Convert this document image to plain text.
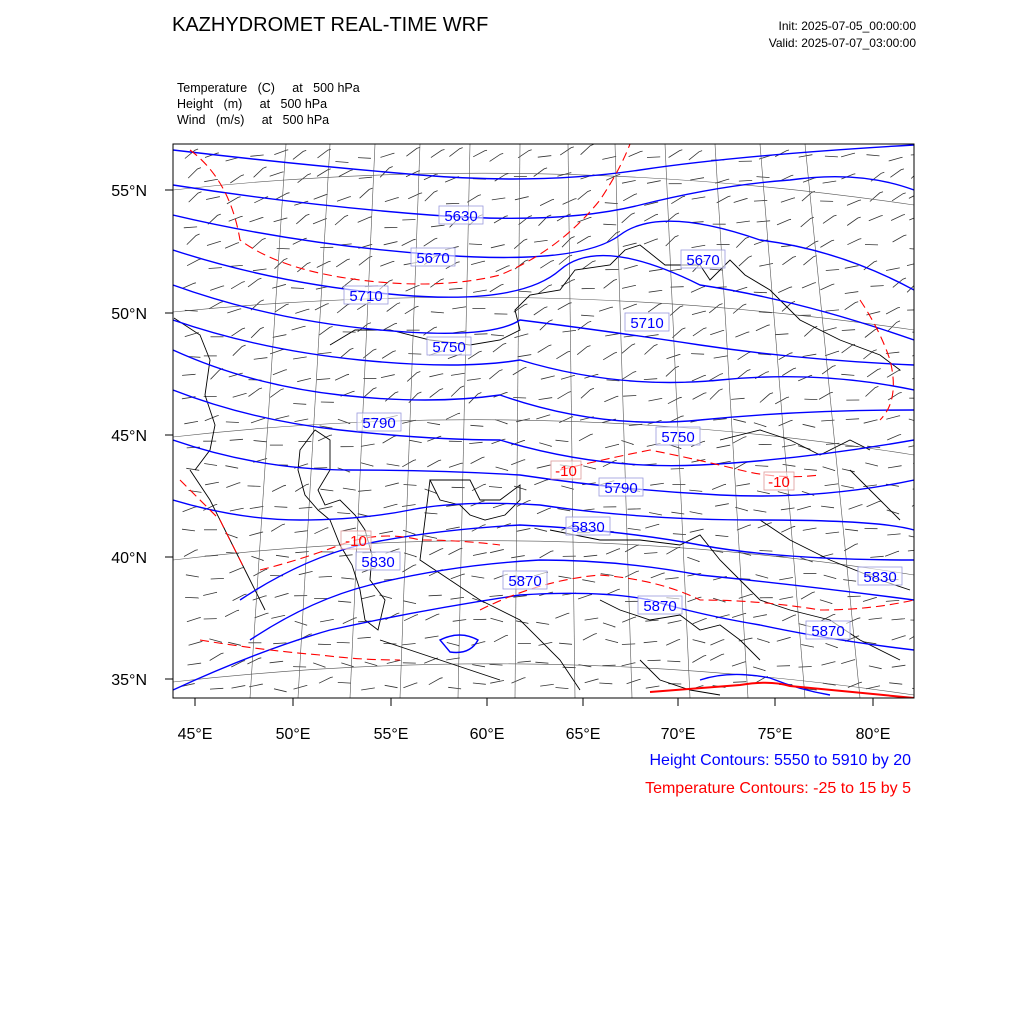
KAZHYDROMET REAL-TIME WRF	Init: 2025-07-05_00:00:00
Valid: 2025-07-07_03:00:00
Temperature   (C)     at   500 hPa
Height   (m)     at   500 hPa
Wind   (m/s)     at   500 hPa
55°N
50°N
45°N
40°N
35°N
45°E	50°E	55°E	60°E	65°E	70°E	75°E	80°E
5630
5670	5670
5710
5710
5750
5750
5790
5790
5830
5830
5830
5870
5870
5870
-10
-10
-10
Height Contours: 5550 to 5910 by 20
Temperature Contours: -25 to 15 by 5
